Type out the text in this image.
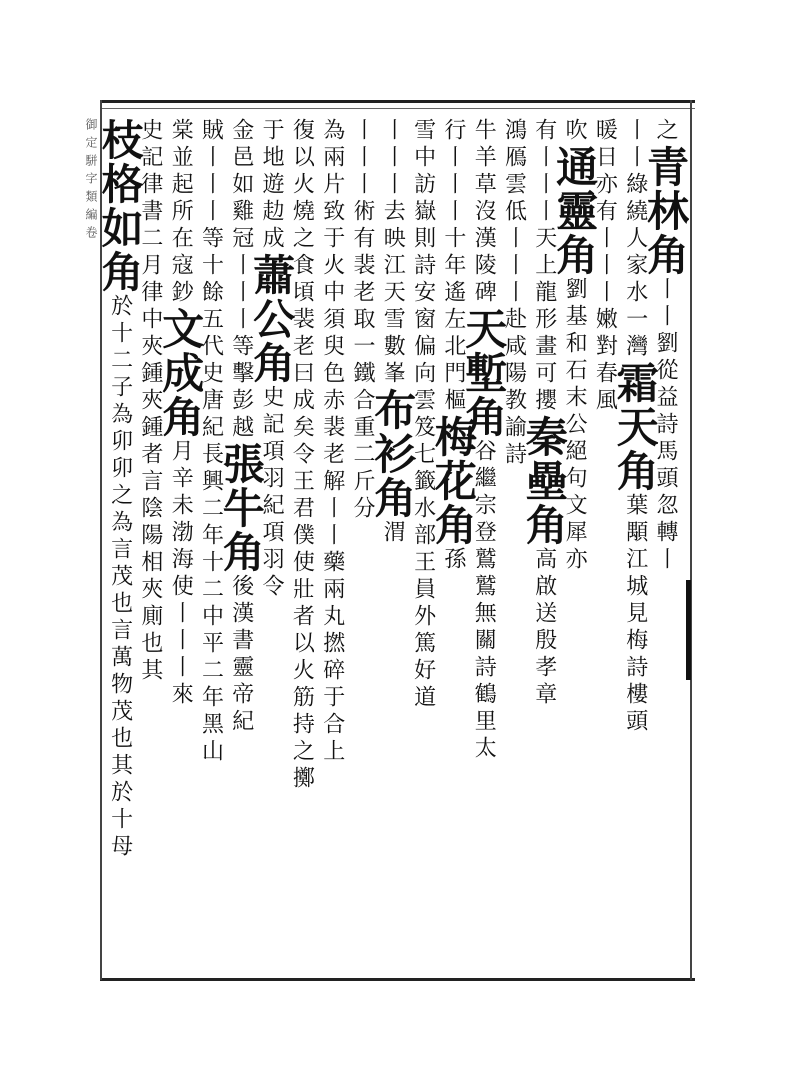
御定駢字類編卷	之青林角丨丨劉從益詩馬頭忽轉丨
丨丨綠繞人家水一灣霜天角葉顒江城見梅詩樓頭
暖日亦有丨丨丨嫩對春風
吹通靈角劉基和石末公絕句文犀亦
有丨丨丨天上龍形畫可攖秦壘角高啟送殷孝章
鴻鴈雲低丨丨丨赴咸陽教諭詩
牛羊草沒漢陵碑天塹角谷繼宗登鷲鷲無關詩鶴里太
行丨丨丨十年遙左北門樞梅花角孫
雪中訪嶽則詩安窗偏向雲笈七籤水部王員外篤好道
丨丨丨去映江天雪數峯布衫角渭
丨丨丨術有裴老取一鐵合重二斤分
為兩片致于火中須臾色赤裴老解丨丨藥兩丸撚碎于合上
復以火燒之食頃裴老曰成矣令王君僕使壯者以火筋持之擲
于地遊赲成蕭公角史記項羽紀項羽令
金邑如雞冠丨丨丨等擊彭越張牛角後漢書靈帝紀
賊丨丨丨等十餘五代史唐紀長興二年十二中平二年黑山
棠並起所在寇鈔文成角月辛未渤海使丨丨丨來
史記律書二月律中夾鍾夾鍾者言陰陽相夾廁也其
枝格如角於十二子為卯卯之為言茂也言萬物茂也其於十母
